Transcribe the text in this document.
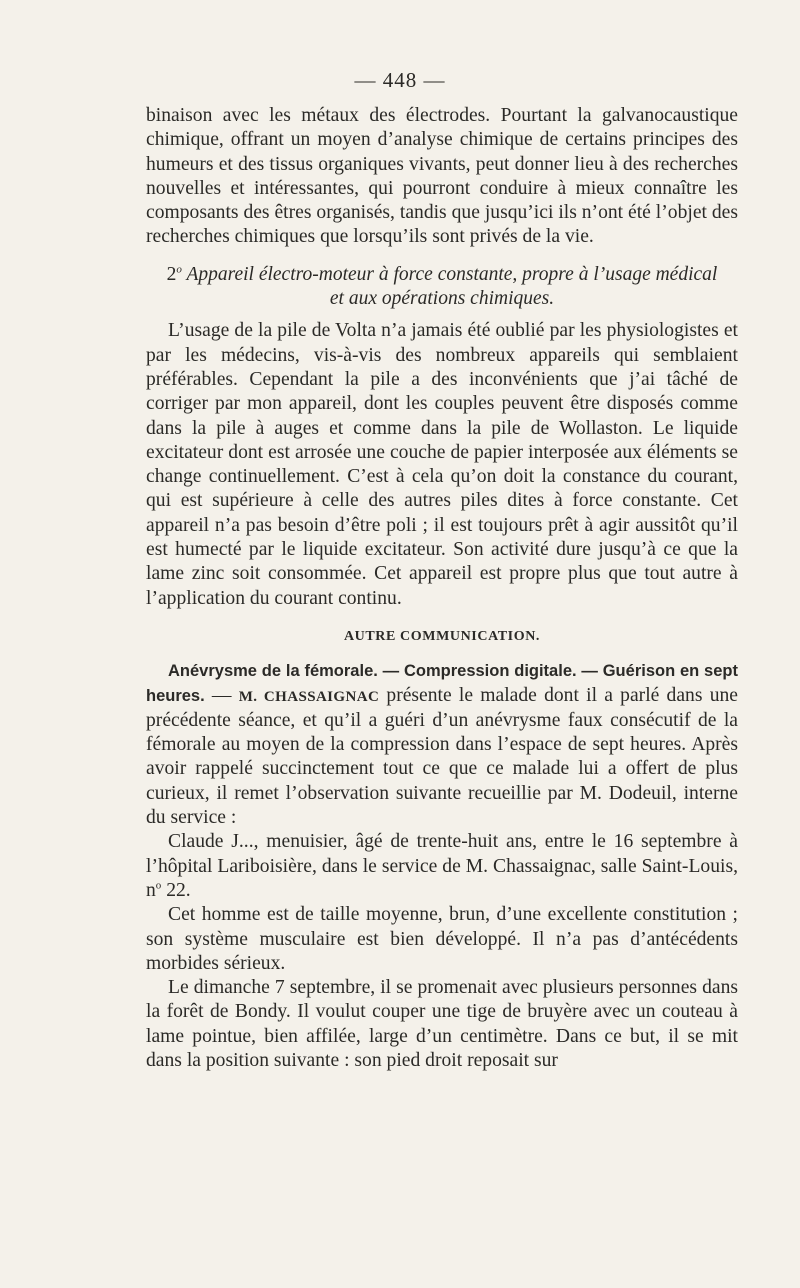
— 448 —

binaison avec les métaux des électrodes. Pourtant la galvanocaustique chimique, offrant un moyen d’analyse chimique de certains principes des humeurs et des tissus organiques vivants, peut donner lieu à des recherches nouvelles et intéressantes, qui pourront conduire à mieux connaître les composants des êtres organisés, tandis que jusqu’ici ils n’ont été l’objet des recherches chimiques que lorsqu’ils sont privés de la vie.

2$^o$ Appareil électro-moteur à force constante, propre à l’usage médical
et aux opérations chimiques.

L’usage de la pile de Volta n’a jamais été oublié par les physiologistes et par les médecins, vis-à-vis des nombreux appareils qui semblaient préférables. Cependant la pile a des inconvénients que j’ai tâché de corriger par mon appareil, dont les couples peuvent être disposés comme dans la pile à auges et comme dans la pile de Wollaston. Le liquide excitateur dont est arrosée une couche de papier interposée aux éléments se change continuellement. C’est à cela qu’on doit la constance du courant, qui est supérieure à celle des autres piles dites à force constante. Cet appareil n’a pas besoin d’être poli ; il est toujours prêt à agir aussitôt qu’il est humecté par le liquide excitateur. Son activité dure jusqu’à ce que la lame zinc soit consommée. Cet appareil est propre plus que tout autre à l’application du courant continu.

AUTRE COMMUNICATION.

Anévrysme de la fémorale. — Compression digitale. — Guérison en sept heures. — M. CHASSAIGNAC présente le malade dont il a parlé dans une précédente séance, et qu’il a guéri d’un anévrysme faux consécutif de la fémorale au moyen de la compression dans l’espace de sept heures. Après avoir rappelé succinctement tout ce que ce malade lui a offert de plus curieux, il remet l’observation suivante recueillie par M. Dodeuil, interne du service :

Claude J..., menuisier, âgé de trente-huit ans, entre le 16 septembre à l’hôpital Lariboisière, dans le service de M. Chassaignac, salle Saint-Louis, $n^o$ 22.

Cet homme est de taille moyenne, brun, d’une excellente constitution ; son système musculaire est bien développé. Il n’a pas d’antécédents morbides sérieux.

Le dimanche 7 septembre, il se promenait avec plusieurs personnes dans la forêt de Bondy. Il voulut couper une tige de bruyère avec un couteau à lame pointue, bien affilée, large d’un centimètre. Dans ce but, il se mit dans la position suivante : son pied droit reposait sur
